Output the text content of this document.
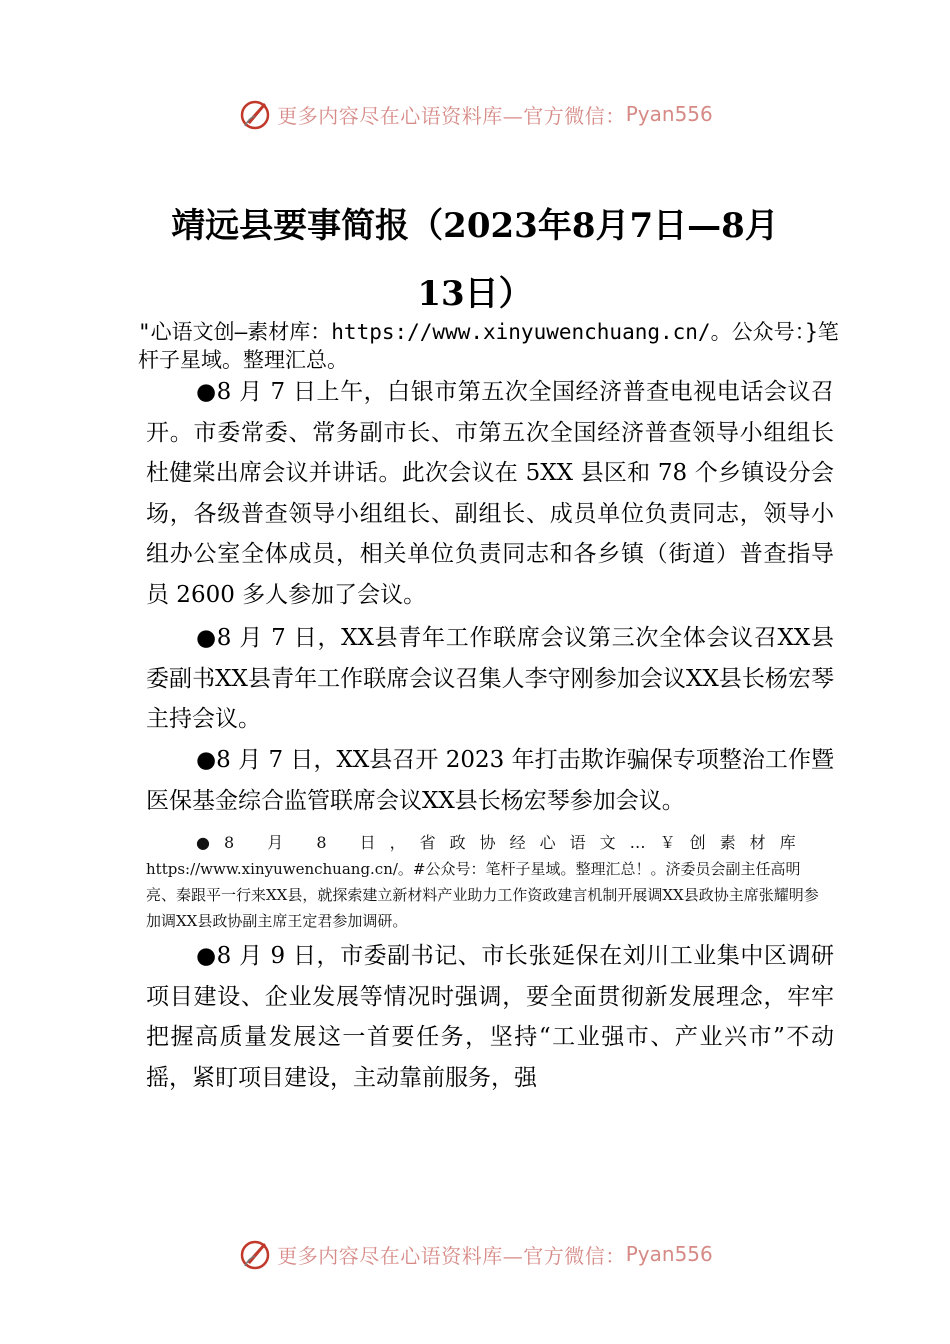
更多内容尽在心语资料库—官方微信： Pyan556
靖远县要事简报（2023年8月7日—8月
13日）
"心语文创—素材库：https://www.xinyuwenchuang.cn/。公众号：}笔杆子星域。整理汇总。
●8 月 7 日上午，白银市第五次全国经济普查电视电话会议召开。市委常委、常务副市长、市第五次全国经济普查领导小组组长杜健棠出席会议并讲话。此次会议在 5XX 县区和 78 个乡镇设分会场，各级普查领导小组组长、副组长、成员单位负责同志，领导小组办公室全体成员，相关单位负责同志和各乡镇（街道）普查指导员 2600 多人参加了会议。
●8 月 7 日，XX县青年工作联席会议第三次全体会议召XX县委副书XX县青年工作联席会议召集人李守刚参加会议XX县长杨宏琴主持会议。
●8 月 7 日，XX县召开 2023 年打击欺诈骗保专项整治工作暨医保基金综合监管联席会议XX县长杨宏琴参加会议。
●8 月 8 日，省政协经心语文…￥创素材库
https://www.xinyuwenchuang.cn/。#公众号：笔杆子星域。整理汇总！。济委员会副主任高明亮、秦跟平一行来XX县，就探索建立新材料产业助力工作资政建言机制开展调XX县政协主席张耀明参加调XX县政协副主席王定君参加调研。
●8 月 9 日，市委副书记、市长张延保在刘川工业集中区调研项目建设、企业发展等情况时强调，要全面贯彻新发展理念，牢牢把握高质量发展这一首要任务，坚持“工业强市、产业兴市”不动摇，紧盯项目建设，主动靠前服务，强
更多内容尽在心语资料库—官方微信： Pyan556
